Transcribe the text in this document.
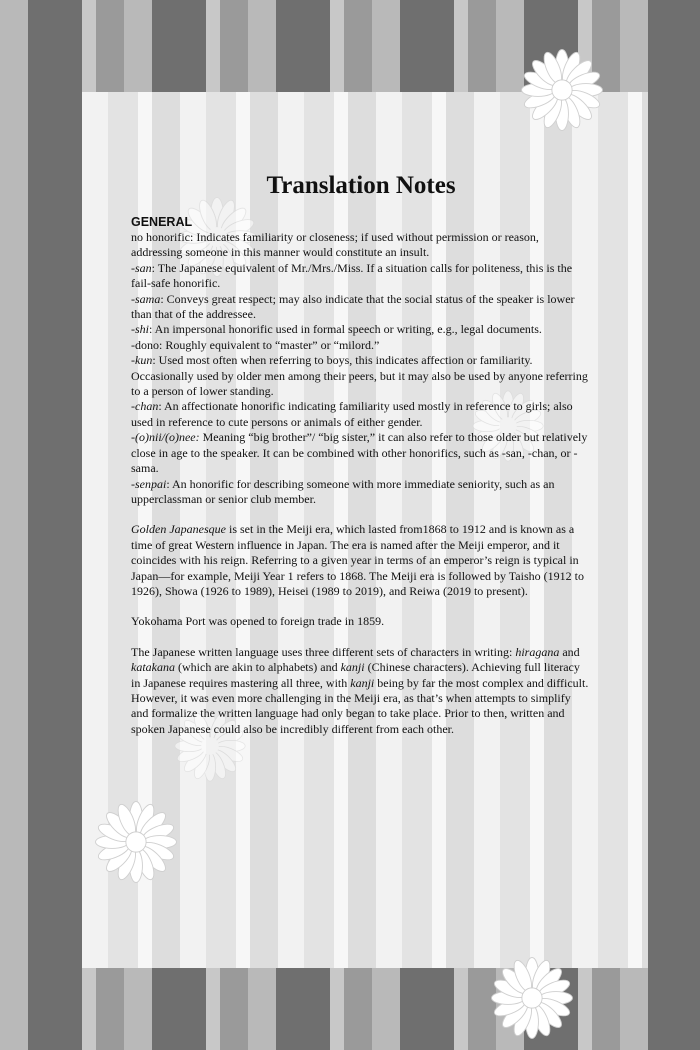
Translation Notes
GENERAL

no honorific: Indicates familiarity or closeness; if used without permission or reason, addressing someone in this manner would constitute an insult.

-san: The Japanese equivalent of Mr./Mrs./Miss. If a situation calls for politeness, this is the fail-safe honorific.

-sama: Conveys great respect; may also indicate that the social status of the speaker is lower than that of the addressee.

-shi: An impersonal honorific used in formal speech or writing, e.g., legal documents.

-dono: Roughly equivalent to “master” or “milord.”

-kun: Used most often when referring to boys, this indicates affection or familiarity. Occasionally used by older men among their peers, but it may also be used by anyone referring to a person of lower standing.

-chan: An affectionate honorific indicating familiarity used mostly in reference to girls; also used in reference to cute persons or animals of either gender.

-(o)nii/(o)nee: Meaning “big brother”/ “big sister,” it can also refer to those older but relatively close in age to the speaker. It can be combined with other honorifics, such as -san, -chan, or -sama.

-senpai: An honorific for describing someone with more immediate seniority, such as an upperclassman or senior club member.

Golden Japanesque is set in the Meiji era, which lasted from1868 to 1912 and is known as a time of great Western influence in Japan. The era is named after the Meiji emperor, and it coincides with his reign. Referring to a given year in terms of an emperor’s reign is typical in Japan—for example, Meiji Year 1 refers to 1868. The Meiji era is followed by Taisho (1912 to 1926), Showa (1926 to 1989), Heisei (1989 to 2019), and Reiwa (2019 to present).

Yokohama Port was opened to foreign trade in 1859.

The Japanese written language uses three different sets of characters in writing: hiragana and katakana (which are akin to alphabets) and kanji (Chinese characters). Achieving full literacy in Japanese requires mastering all three, with kanji being by far the most complex and difficult. However, it was even more challenging in the Meiji era, as that’s when attempts to simplify and formalize the written language had only began to take place. Prior to then, written and spoken Japanese could also be incredibly different from each other.
